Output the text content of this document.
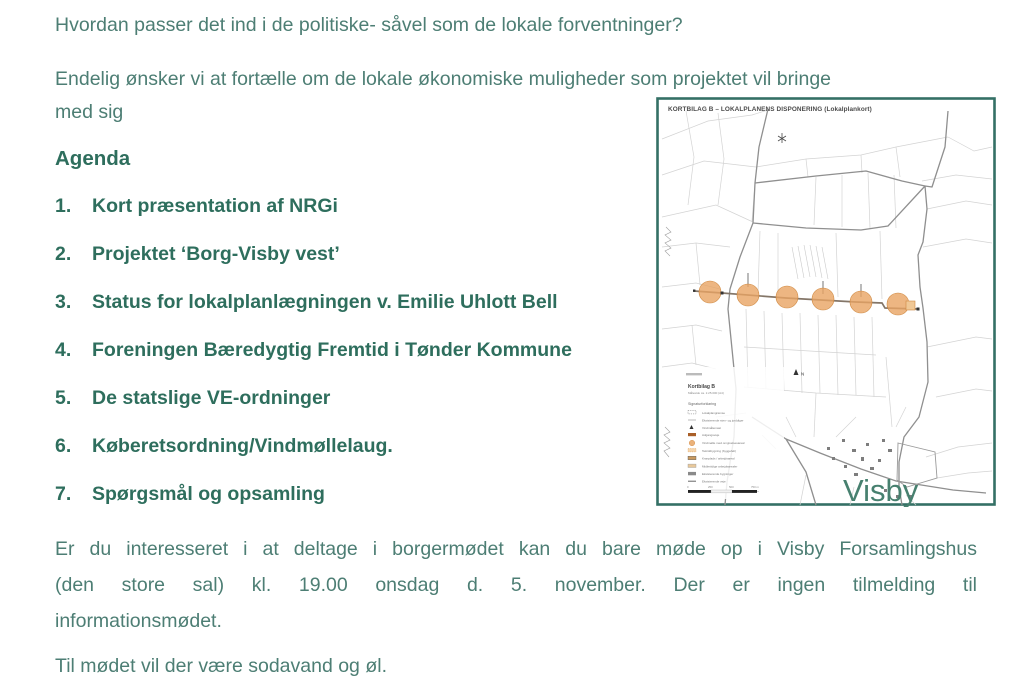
Hvordan passer det ind i de politiske- såvel som de lokale forventninger?

Endelig ønsker vi at fortælle om de lokale økonomiske muligheder som projektet vil bringe
med sig

Agenda
1.	Kort præsentation af NRGi
2.	Projektet ‘Borg-Visby vest’
3.	Status for lokalplanlægningen v. Emilie Uhlott Bell
4.	Foreningen Bæredygtig Fremtid i Tønder Kommune
5.	De statslige VE-ordninger
6.	Køberetsordning/Vindmøllelaug.
7.	Spørgsmål og opsamling
Er du interesseret i at deltage i borgermødet kan du bare møde op i Visby Forsamlingshus
(den store sal) kl. 19.00 onsdag d. 5. november. Der er ingen tilmelding til
informationsmødet.

Til mødet vil der være sodavand og øl.

KORTBILAG B – LOKALPLANENS DISPONERING (Lokalplankort)
N
Kortbilag B
Målestok ca. 1:25.000 (A4)
Signaturforklaring
Lokalplangrænse
Eksisterende sten- og jorddiger
Vindmålemast
Adgangsveje
Vindmølle med omgivelsesareal
Teknikbygning (byggefelt)
Kranplads / arbejdsareal
Midlertidige arbejdsarealer
Eksisterende bygninger
Eksisterende veje
0	250	500	750 m	Visby
